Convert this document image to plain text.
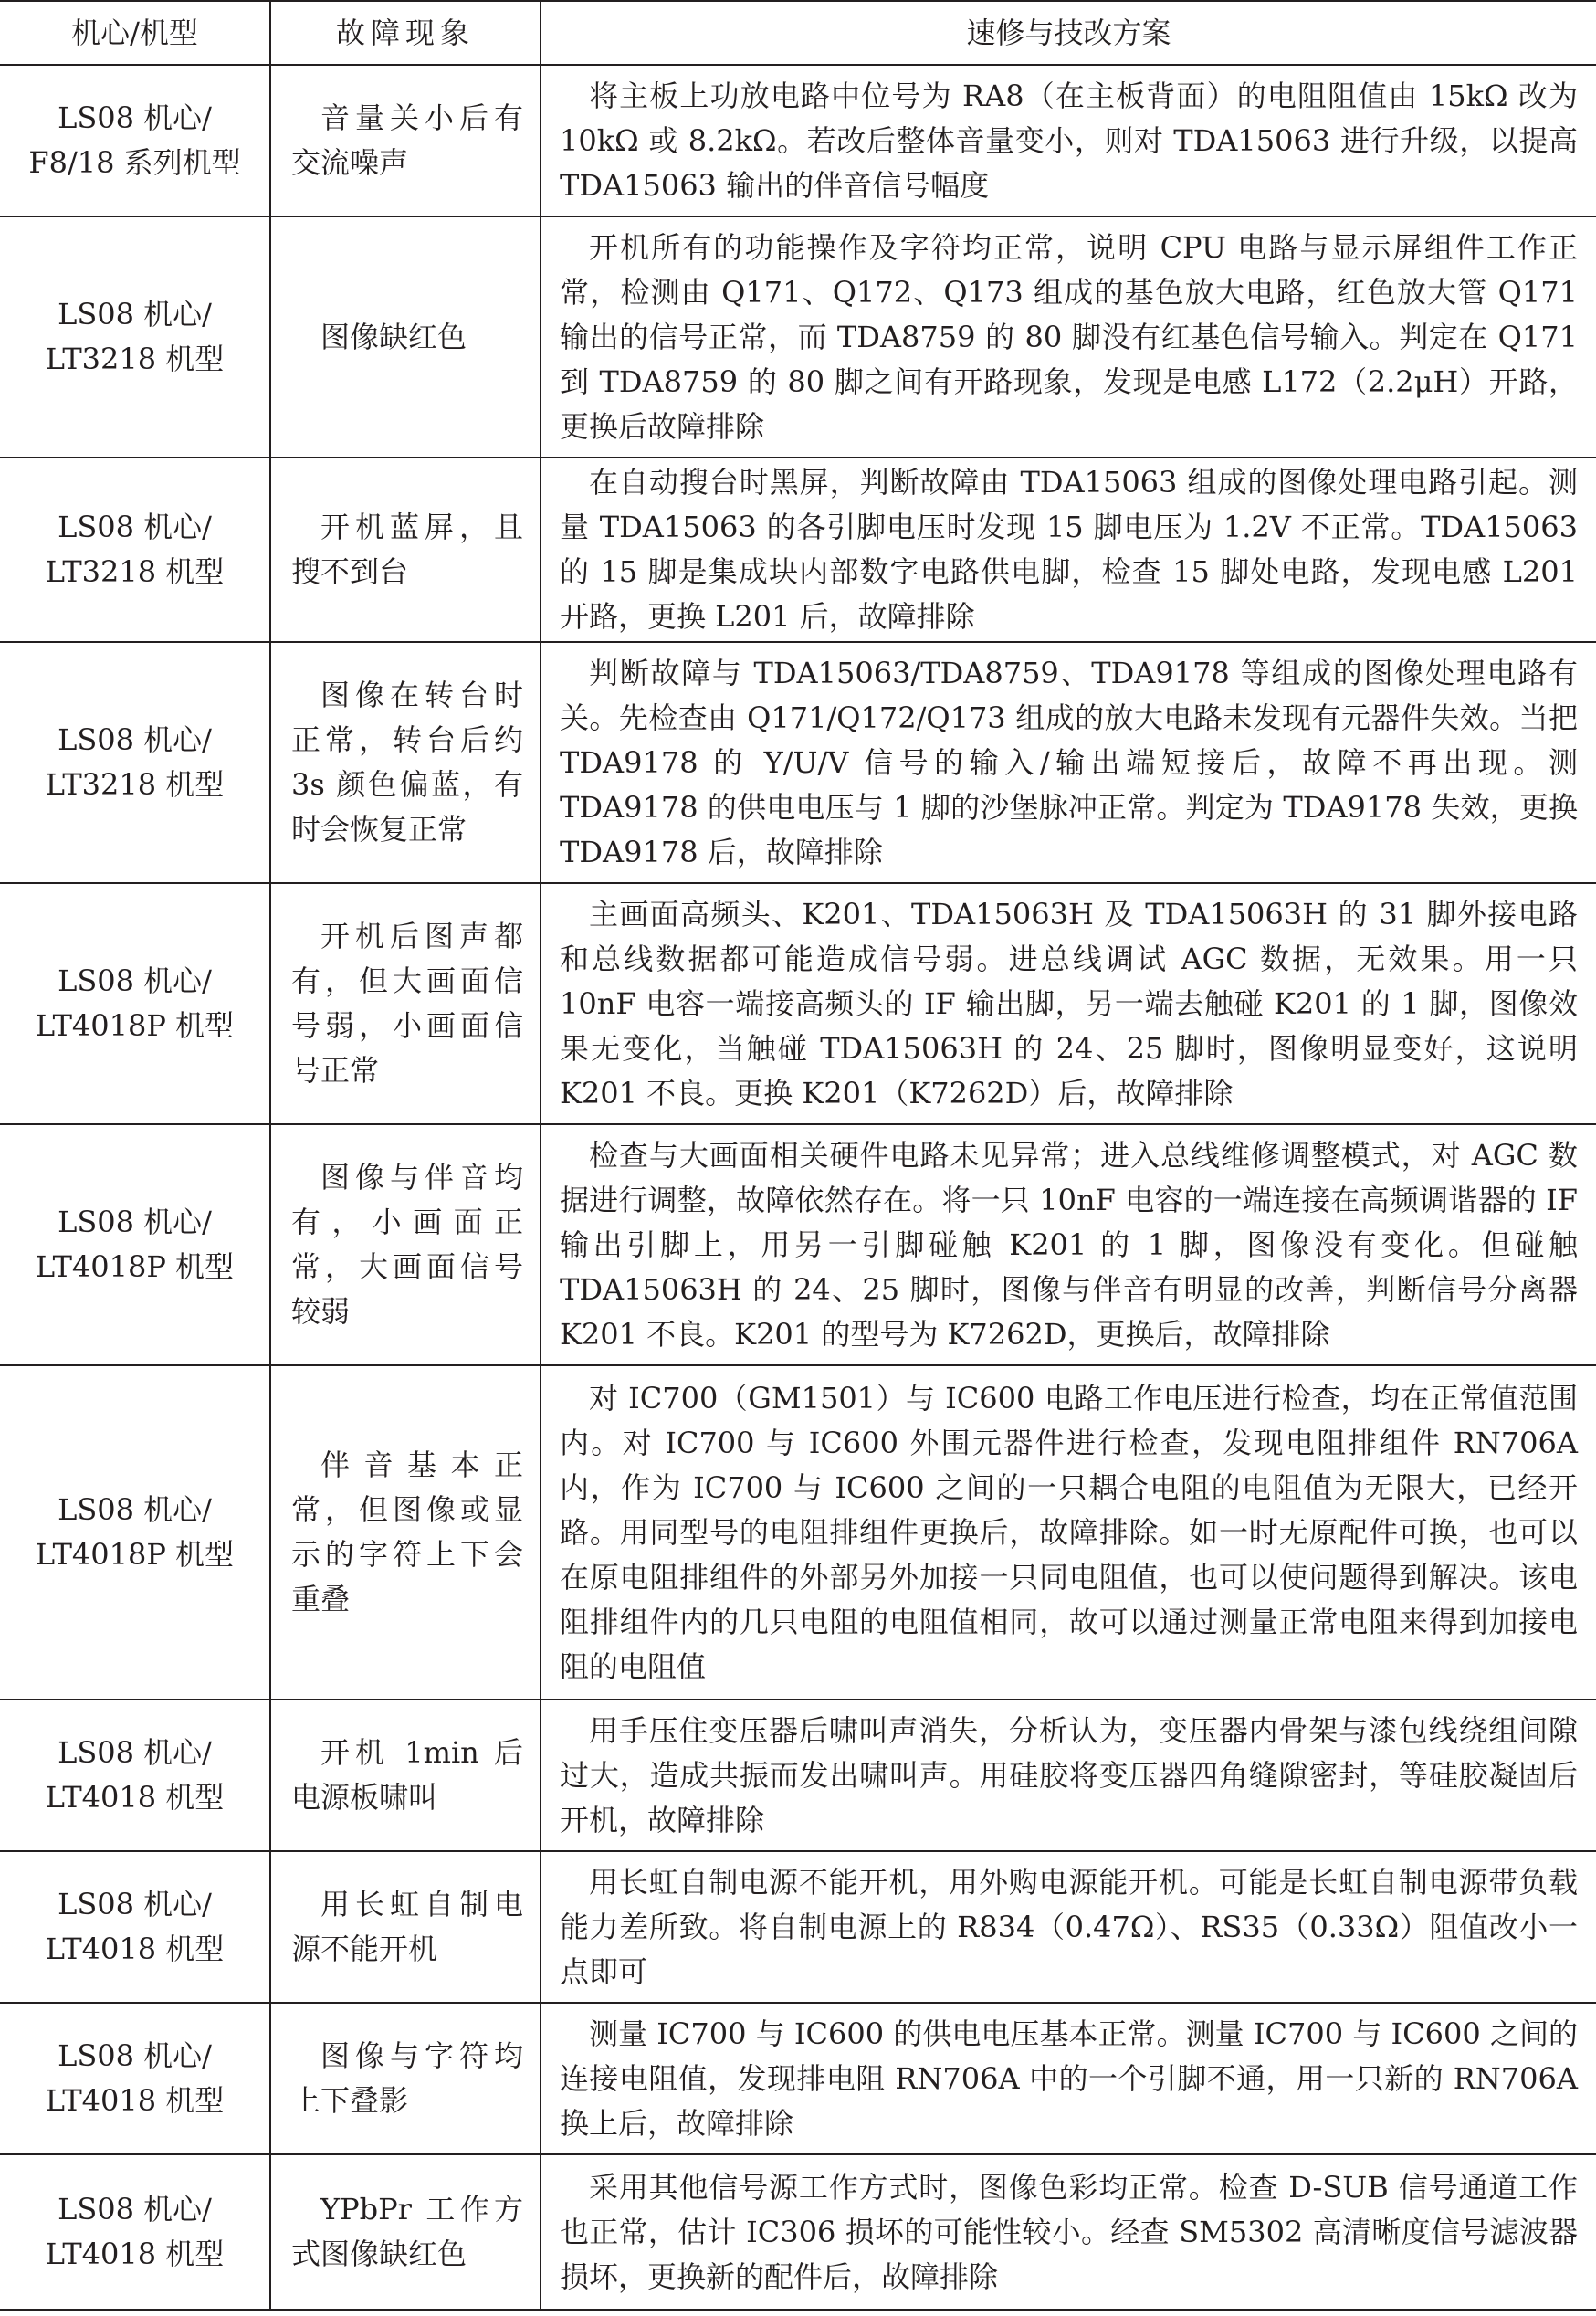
机心/机型	故障现象	速修与技改方案

LS08 机心/
F8/18 系列机型	音量关小后有交流噪声	将主板上功放电路中位号为 RA8（在主板背面）的电阻阻值由 15kΩ 改为 10kΩ 或 8.2kΩ。若改后整体音量变小，则对 TDA15063 进行升级，以提高 TDA15063 输出的伴音信号幅度

LS08 机心/
LT3218 机型	图像缺红色	开机所有的功能操作及字符均正常，说明 CPU 电路与显示屏组件工作正常，检测由 Q171、Q172、Q173 组成的基色放大电路，红色放大管 Q171 输出的信号正常，而 TDA8759 的 80 脚没有红基色信号输入。判定在 Q171 到 TDA8759 的 80 脚之间有开路现象，发现是电感 L172（2.2μH）开路，更换后故障排除

LS08 机心/
LT3218 机型	开机蓝屏，且搜不到台	在自动搜台时黑屏，判断故障由 TDA15063 组成的图像处理电路引起。测量 TDA15063 的各引脚电压时发现 15 脚电压为 1.2V 不正常。TDA15063 的 15 脚是集成块内部数字电路供电脚，检查 15 脚处电路，发现电感 L201 开路，更换 L201 后，故障排除

LS08 机心/
LT3218 机型	图像在转台时正常，转台后约 3s 颜色偏蓝，有时会恢复正常	判断故障与 TDA15063/TDA8759、TDA9178 等组成的图像处理电路有关。先检查由 Q171/Q172/Q173 组成的放大电路未发现有元器件失效。当把 TDA9178 的 Y/U/V 信号的输入/输出端短接后，故障不再出现。测 TDA9178 的供电电压与 1 脚的沙堡脉冲正常。判定为 TDA9178 失效，更换 TDA9178 后，故障排除

LS08 机心/
LT4018P 机型	开机后图声都有，但大画面信号弱，小画面信号正常	主画面高频头、K201、TDA15063H 及 TDA15063H 的 31 脚外接电路和总线数据都可能造成信号弱。进总线调试 AGC 数据，无效果。用一只 10nF 电容一端接高频头的 IF 输出脚，另一端去触碰 K201 的 1 脚，图像效果无变化，当触碰 TDA15063H 的 24、25 脚时，图像明显变好，这说明 K201 不良。更换 K201（K7262D）后，故障排除

LS08 机心/
LT4018P 机型	图像与伴音均有，小画面正常，大画面信号较弱	检查与大画面相关硬件电路未见异常；进入总线维修调整模式，对 AGC 数据进行调整，故障依然存在。将一只 10nF 电容的一端连接在高频调谐器的 IF 输出引脚上，用另一引脚碰触 K201 的 1 脚，图像没有变化。但碰触 TDA15063H 的 24、25 脚时，图像与伴音有明显的改善，判断信号分离器 K201 不良。K201 的型号为 K7262D，更换后，故障排除

LS08 机心/
LT4018P 机型	伴音基本正常，但图像或显示的字符上下会重叠	对 IC700（GM1501）与 IC600 电路工作电压进行检查，均在正常值范围内。对 IC700 与 IC600 外围元器件进行检查，发现电阻排组件 RN706A 内，作为 IC700 与 IC600 之间的一只耦合电阻的电阻值为无限大，已经开路。用同型号的电阻排组件更换后，故障排除。如一时无原配件可换，也可以在原电阻排组件的外部另外加接一只同电阻值，也可以使问题得到解决。该电阻排组件内的几只电阻的电阻值相同，故可以通过测量正常电阻来得到加接电阻的电阻值

LS08 机心/
LT4018 机型	开机 1min 后电源板啸叫	用手压住变压器后啸叫声消失，分析认为，变压器内骨架与漆包线绕组间隙过大，造成共振而发出啸叫声。用硅胶将变压器四角缝隙密封，等硅胶凝固后开机，故障排除

LS08 机心/
LT4018 机型	用长虹自制电源不能开机	用长虹自制电源不能开机，用外购电源能开机。可能是长虹自制电源带负载能力差所致。将自制电源上的 R834（0.47Ω）、RS35（0.33Ω）阻值改小一点即可

LS08 机心/
LT4018 机型	图像与字符均上下叠影	测量 IC700 与 IC600 的供电电压基本正常。测量 IC700 与 IC600 之间的连接电阻值，发现排电阻 RN706A 中的一个引脚不通，用一只新的 RN706A 换上后，故障排除

LS08 机心/
LT4018 机型	YPbPr 工作方式图像缺红色	采用其他信号源工作方式时，图像色彩均正常。检查 D-SUB 信号通道工作也正常，估计 IC306 损坏的可能性较小。经查 SM5302 高清晰度信号滤波器损坏，更换新的配件后，故障排除
